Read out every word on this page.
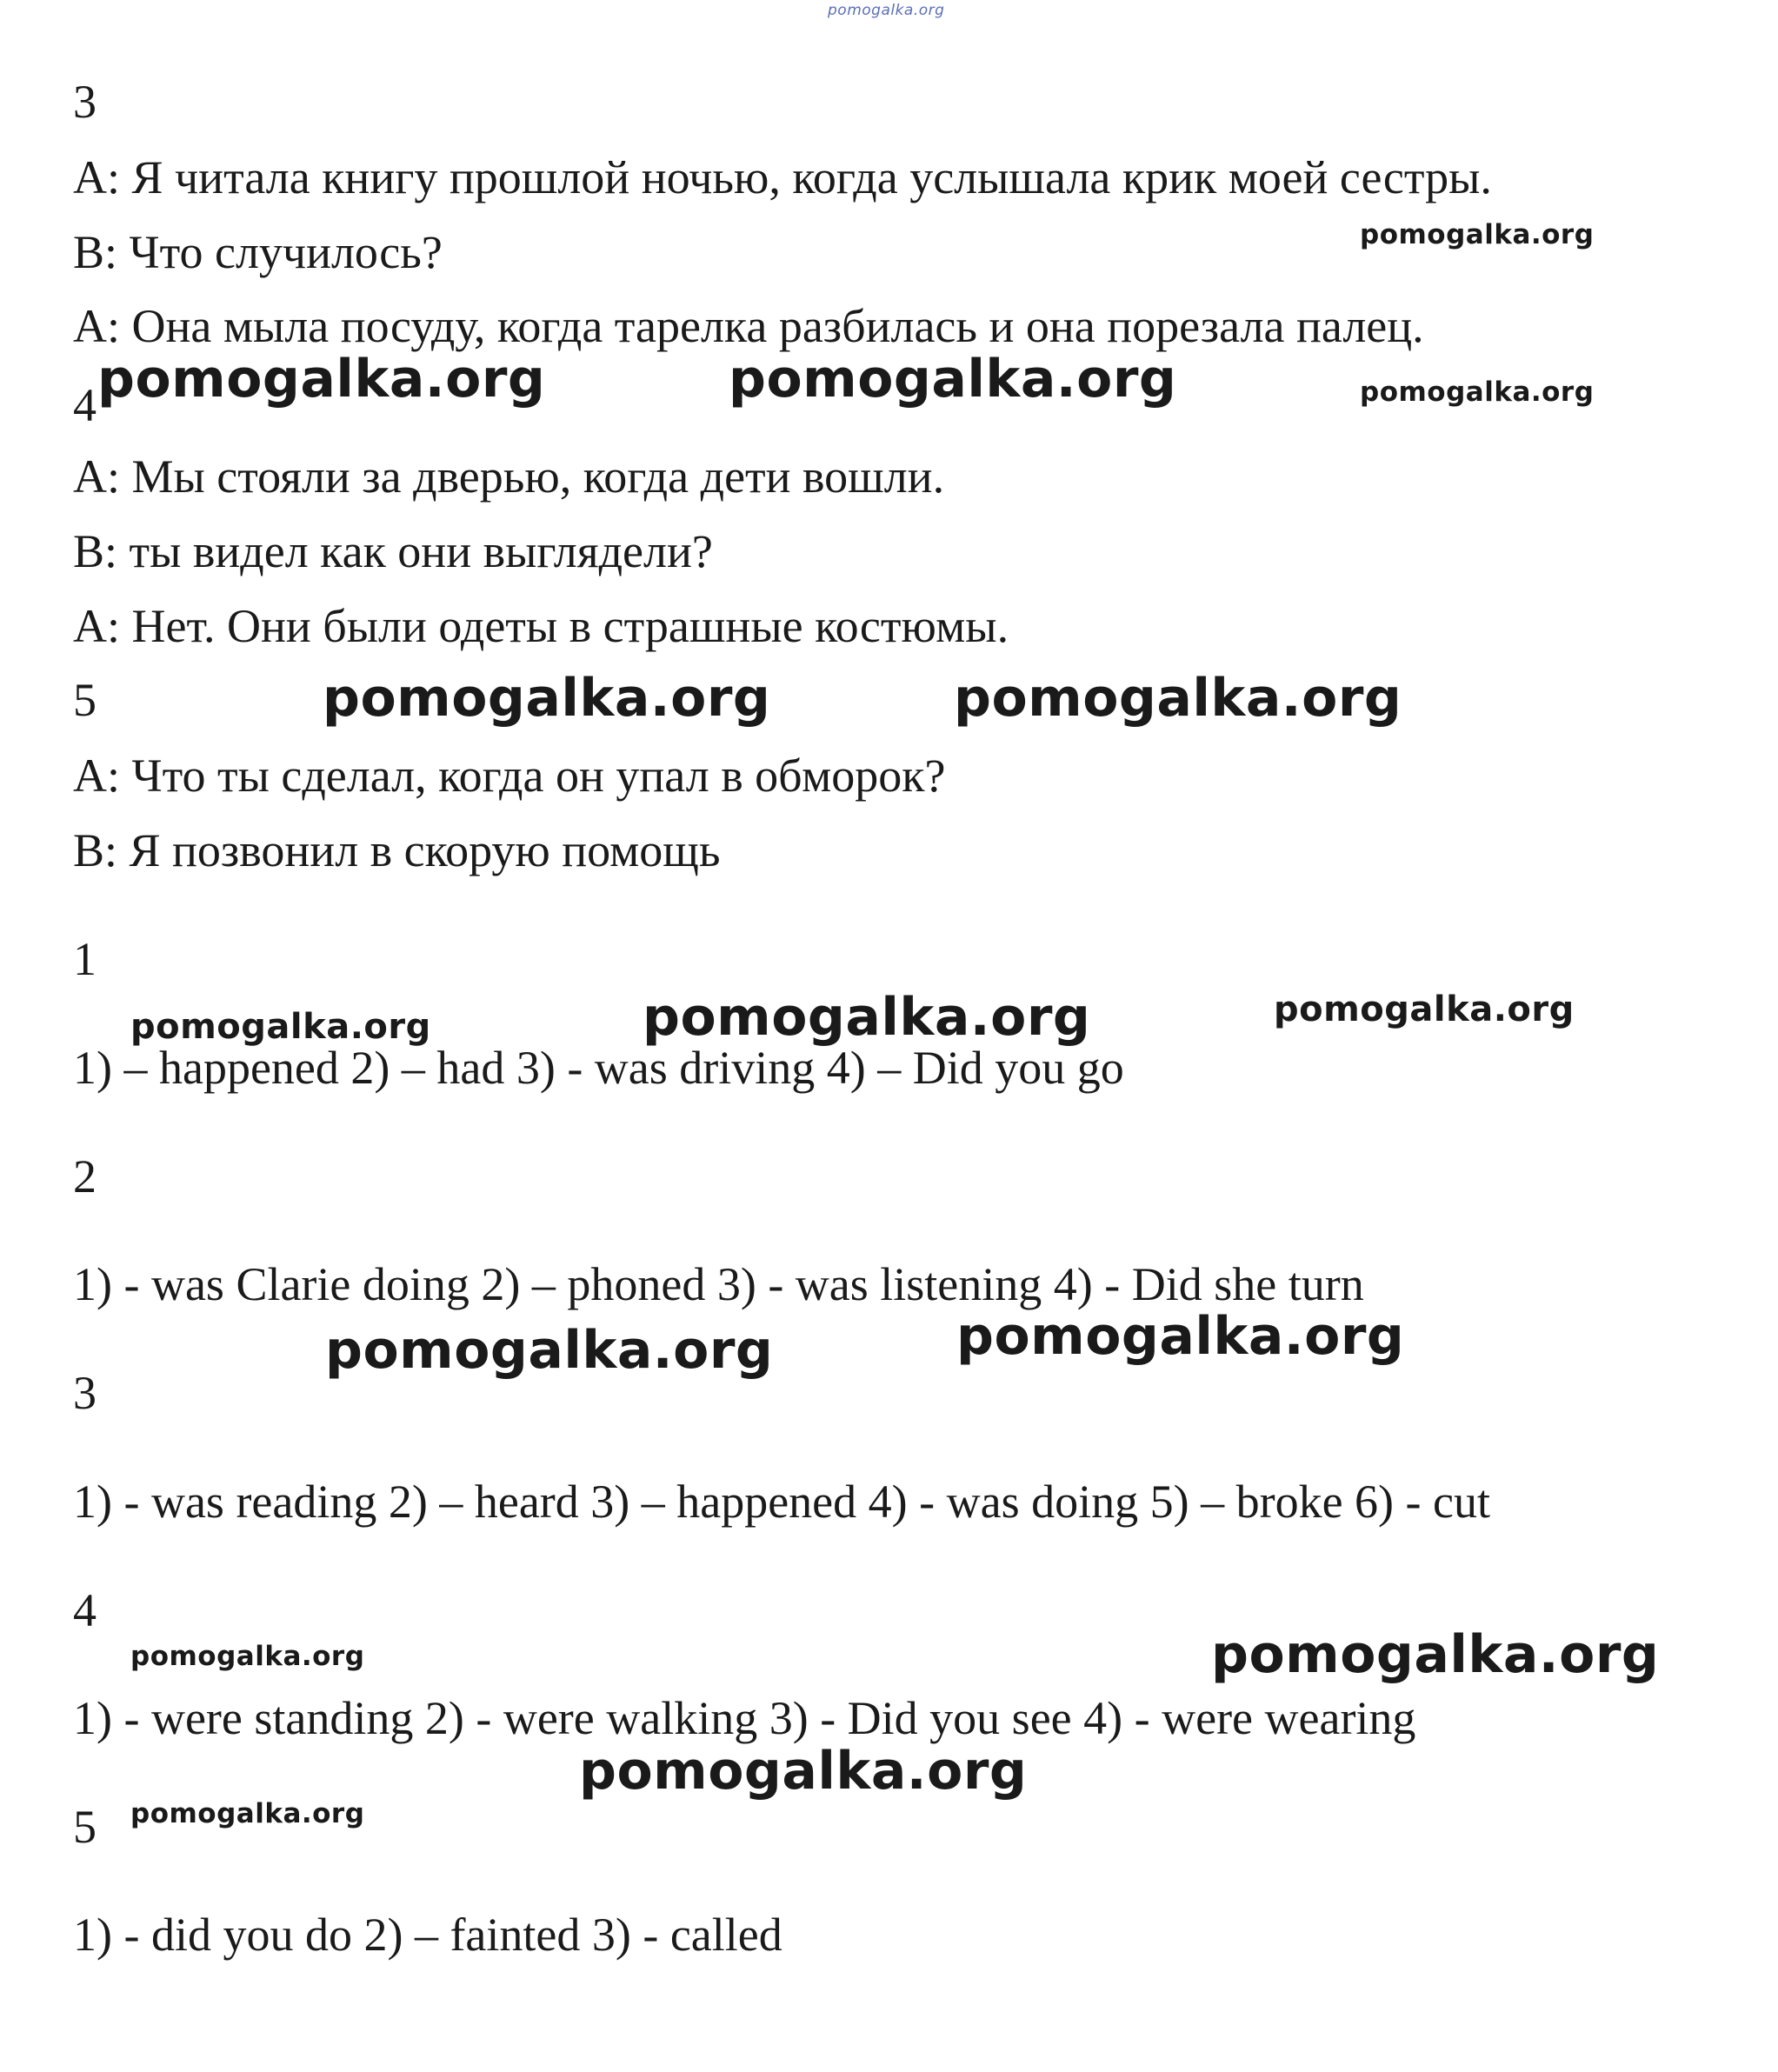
pomogalka.org
3
А: Я читала книгу прошлой ночью, когда услышала крик моей сестры.
В: Что случилось?
А: Она мыла посуду, когда тарелка разбилась и она порезала палец.
pomogalka.org
4 pomogalka.org	pomogalka.org	pomogalka.org
А: Мы стояли за дверью, когда дети вошли.
В: ты видел как они выглядели?
А: Нет. Они были одеты в страшные костюмы.
5	pomogalka.org	pomogalka.org
А: Что ты сделал, когда он упал в обморок?
В: Я позвонил в скорую помощь
1
pomogalka.org	pomogalka.org	pomogalka.org
1) – happened 2) – had 3) - was driving 4) – Did you go
2
1) - was Clarie doing 2) – phoned 3) - was listening 4) - Did she turn
pomogalka.org	pomogalka.org
3
1) - was reading 2) – heard 3) – happened 4) - was doing 5) – broke 6) - cut
4
pomogalka.org	pomogalka.org
1) - were standing 2) - were walking 3) - Did you see 4) - were wearing
pomogalka.org
5 pomogalka.org
1) - did you do 2) – fainted 3) - called
